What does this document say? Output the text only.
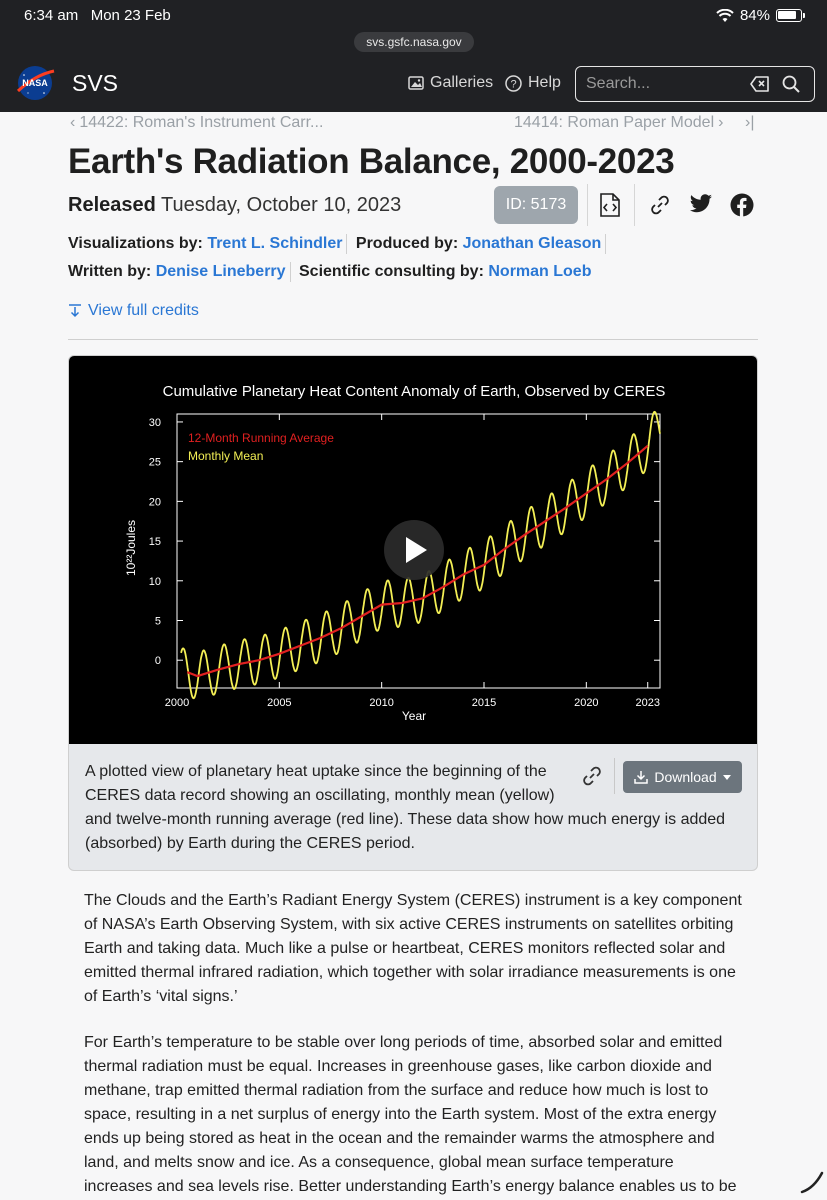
6:34 am Mon 23 Feb	84%
svs.gsfc.nasa.gov
NASA SVS	Galleries ? Help
Search...
‹ 14422: Roman's Instrument Carr...	14414: Roman Paper Model › ›|
Earth's Radiation Balance, 2000-2023
Released Tuesday, October 10, 2023	ID: 5173
Visualizations by: Trent L. Schindler Produced by: Jonathan Gleason
Written by: Denise Lineberry Scientific consulting by: Norman Loeb
View full credits
Cumulative Planetary Heat Content Anomaly of Earth, Observed by CERES
2000	2005	2010	2015	2020	2023
0
5
10
15
20
25
30
12-Month Running Average
Monthly Mean
Year
10²²Joules
A plotted view of planetary heat uptake since the beginning of the
CERES data record showing an oscillating, monthly mean (yellow)
and twelve-month running average (red line). These data show how much energy is added (absorbed) by Earth during the CERES period.
Download
The Clouds and the Earth’s Radiant Energy System (CERES) instrument is a key component of NASA’s Earth Observing System, with six active CERES instruments on satellites orbiting Earth and taking data. Much like a pulse or heartbeat, CERES monitors reflected solar and emitted thermal infrared radiation, which together with solar irradiance measurements is one of Earth’s ‘vital signs.’
For Earth’s temperature to be stable over long periods of time, absorbed solar and emitted thermal radiation must be equal. Increases in greenhouse gases, like carbon dioxide and methane, trap emitted thermal radiation from the surface and reduce how much is lost to space, resulting in a net surplus of energy into the Earth system. Most of the extra energy ends up being stored as heat in the ocean and the remainder warms the atmosphere and land, and melts snow and ice. As a consequence, global mean surface temperature increases and sea levels rise. Better understanding Earth’s energy balance enables us to be
